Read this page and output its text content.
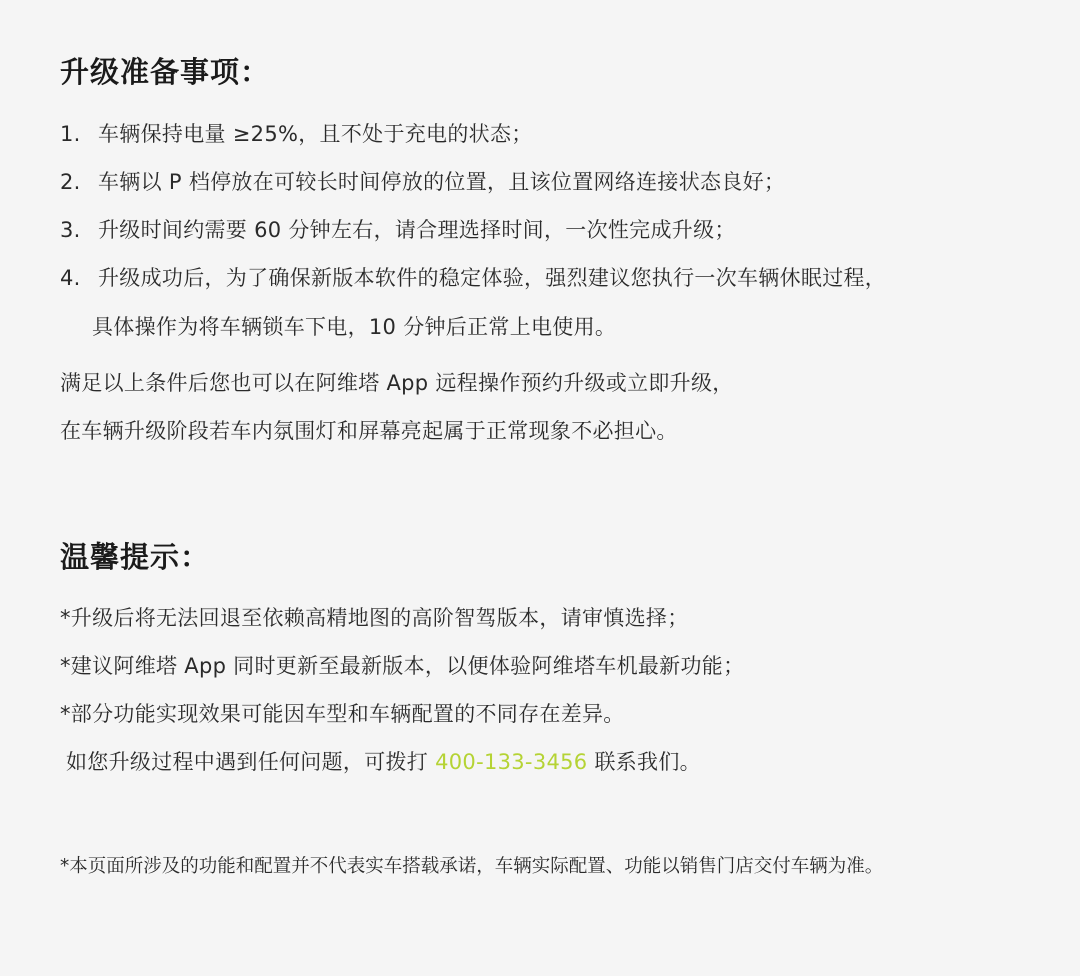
升级准备事项：
1. 车辆保持电量 ≥25%，且不处于充电的状态；
2. 车辆以 P 档停放在可较长时间停放的位置，且该位置网络连接状态良好；
3. 升级时间约需要 60 分钟左右，请合理选择时间，一次性完成升级；
4. 升级成功后，为了确保新版本软件的稳定体验，强烈建议您执行一次车辆休眠过程，
具体操作为将车辆锁车下电，10 分钟后正常上电使用。
满足以上条件后您也可以在阿维塔 App 远程操作预约升级或立即升级，
在车辆升级阶段若车内氛围灯和屏幕亮起属于正常现象不必担心。
温馨提示：
*升级后将无法回退至依赖高精地图的高阶智驾版本，请审慎选择；
*建议阿维塔 App 同时更新至最新版本，以便体验阿维塔车机最新功能；
*部分功能实现效果可能因车型和车辆配置的不同存在差异。
如您升级过程中遇到任何问题，可拨打 400-133-3456 联系我们。
*本页面所涉及的功能和配置并不代表实车搭载承诺，车辆实际配置、功能以销售门店交付车辆为准。
